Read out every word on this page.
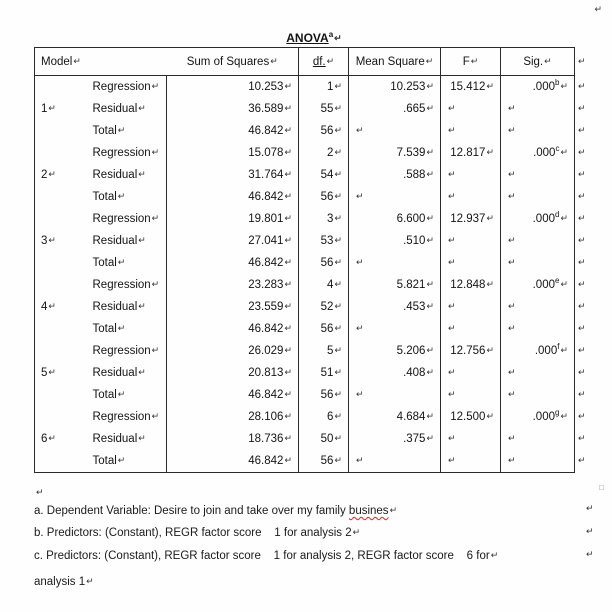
↵
ANOVA$^a$↵
Model↵		Sum of Squares↵	df.↵	Mean Square↵	F↵	Sig.↵	↵
1↵	Regression↵	10.253↵	1↵	10.253↵	15.412↵	.000$^b$↵	↵
	Residual↵	36.589↵	55↵	.665↵	↵	↵	↵
	Total↵	46.842↵	56↵	↵	↵	↵	↵
2↵	Regression↵	15.078↵	2↵	7.539↵	12.817↵	.000$^c$↵	↵
	Residual↵	31.764↵	54↵	.588↵	↵	↵	↵
	Total↵	46.842↵	56↵	↵	↵	↵	↵
3↵	Regression↵	19.801↵	3↵	6.600↵	12.937↵	.000$^d$↵	↵
	Residual↵	27.041↵	53↵	.510↵	↵	↵	↵
	Total↵	46.842↵	56↵	↵	↵	↵	↵
4↵	Regression↵	23.283↵	4↵	5.821↵	12.848↵	.000e↵	↵
	Residual↵	23.559↵	52↵	.453↵	↵	↵	↵
	Total↵	46.842↵	56↵	↵	↵	↵	↵
5↵	Regression↵	26.029↵	5↵	5.206↵	12.756↵	.000$^f$↵	↵
	Residual↵	20.813↵	51↵	.408↵	↵	↵	↵
	Total↵	46.842↵	56↵	↵	↵	↵	↵
6↵	Regression↵	28.106↵	6↵	4.684↵	12.500↵	.000$^g$↵	↵
	Residual↵	18.736↵	50↵	.375↵	↵	↵	↵
	Total↵	46.842↵	56↵	↵	↵	↵	↵
↵	□
a. Dependent Variable: Desire to join and take over my family busines↵
b. Predictors: (Constant), REGR factor score    1 for analysis 2↵
c. Predictors: (Constant), REGR factor score    1 for analysis 2, REGR factor score    6 for↵
analysis 1↵
↵
↵
↵
